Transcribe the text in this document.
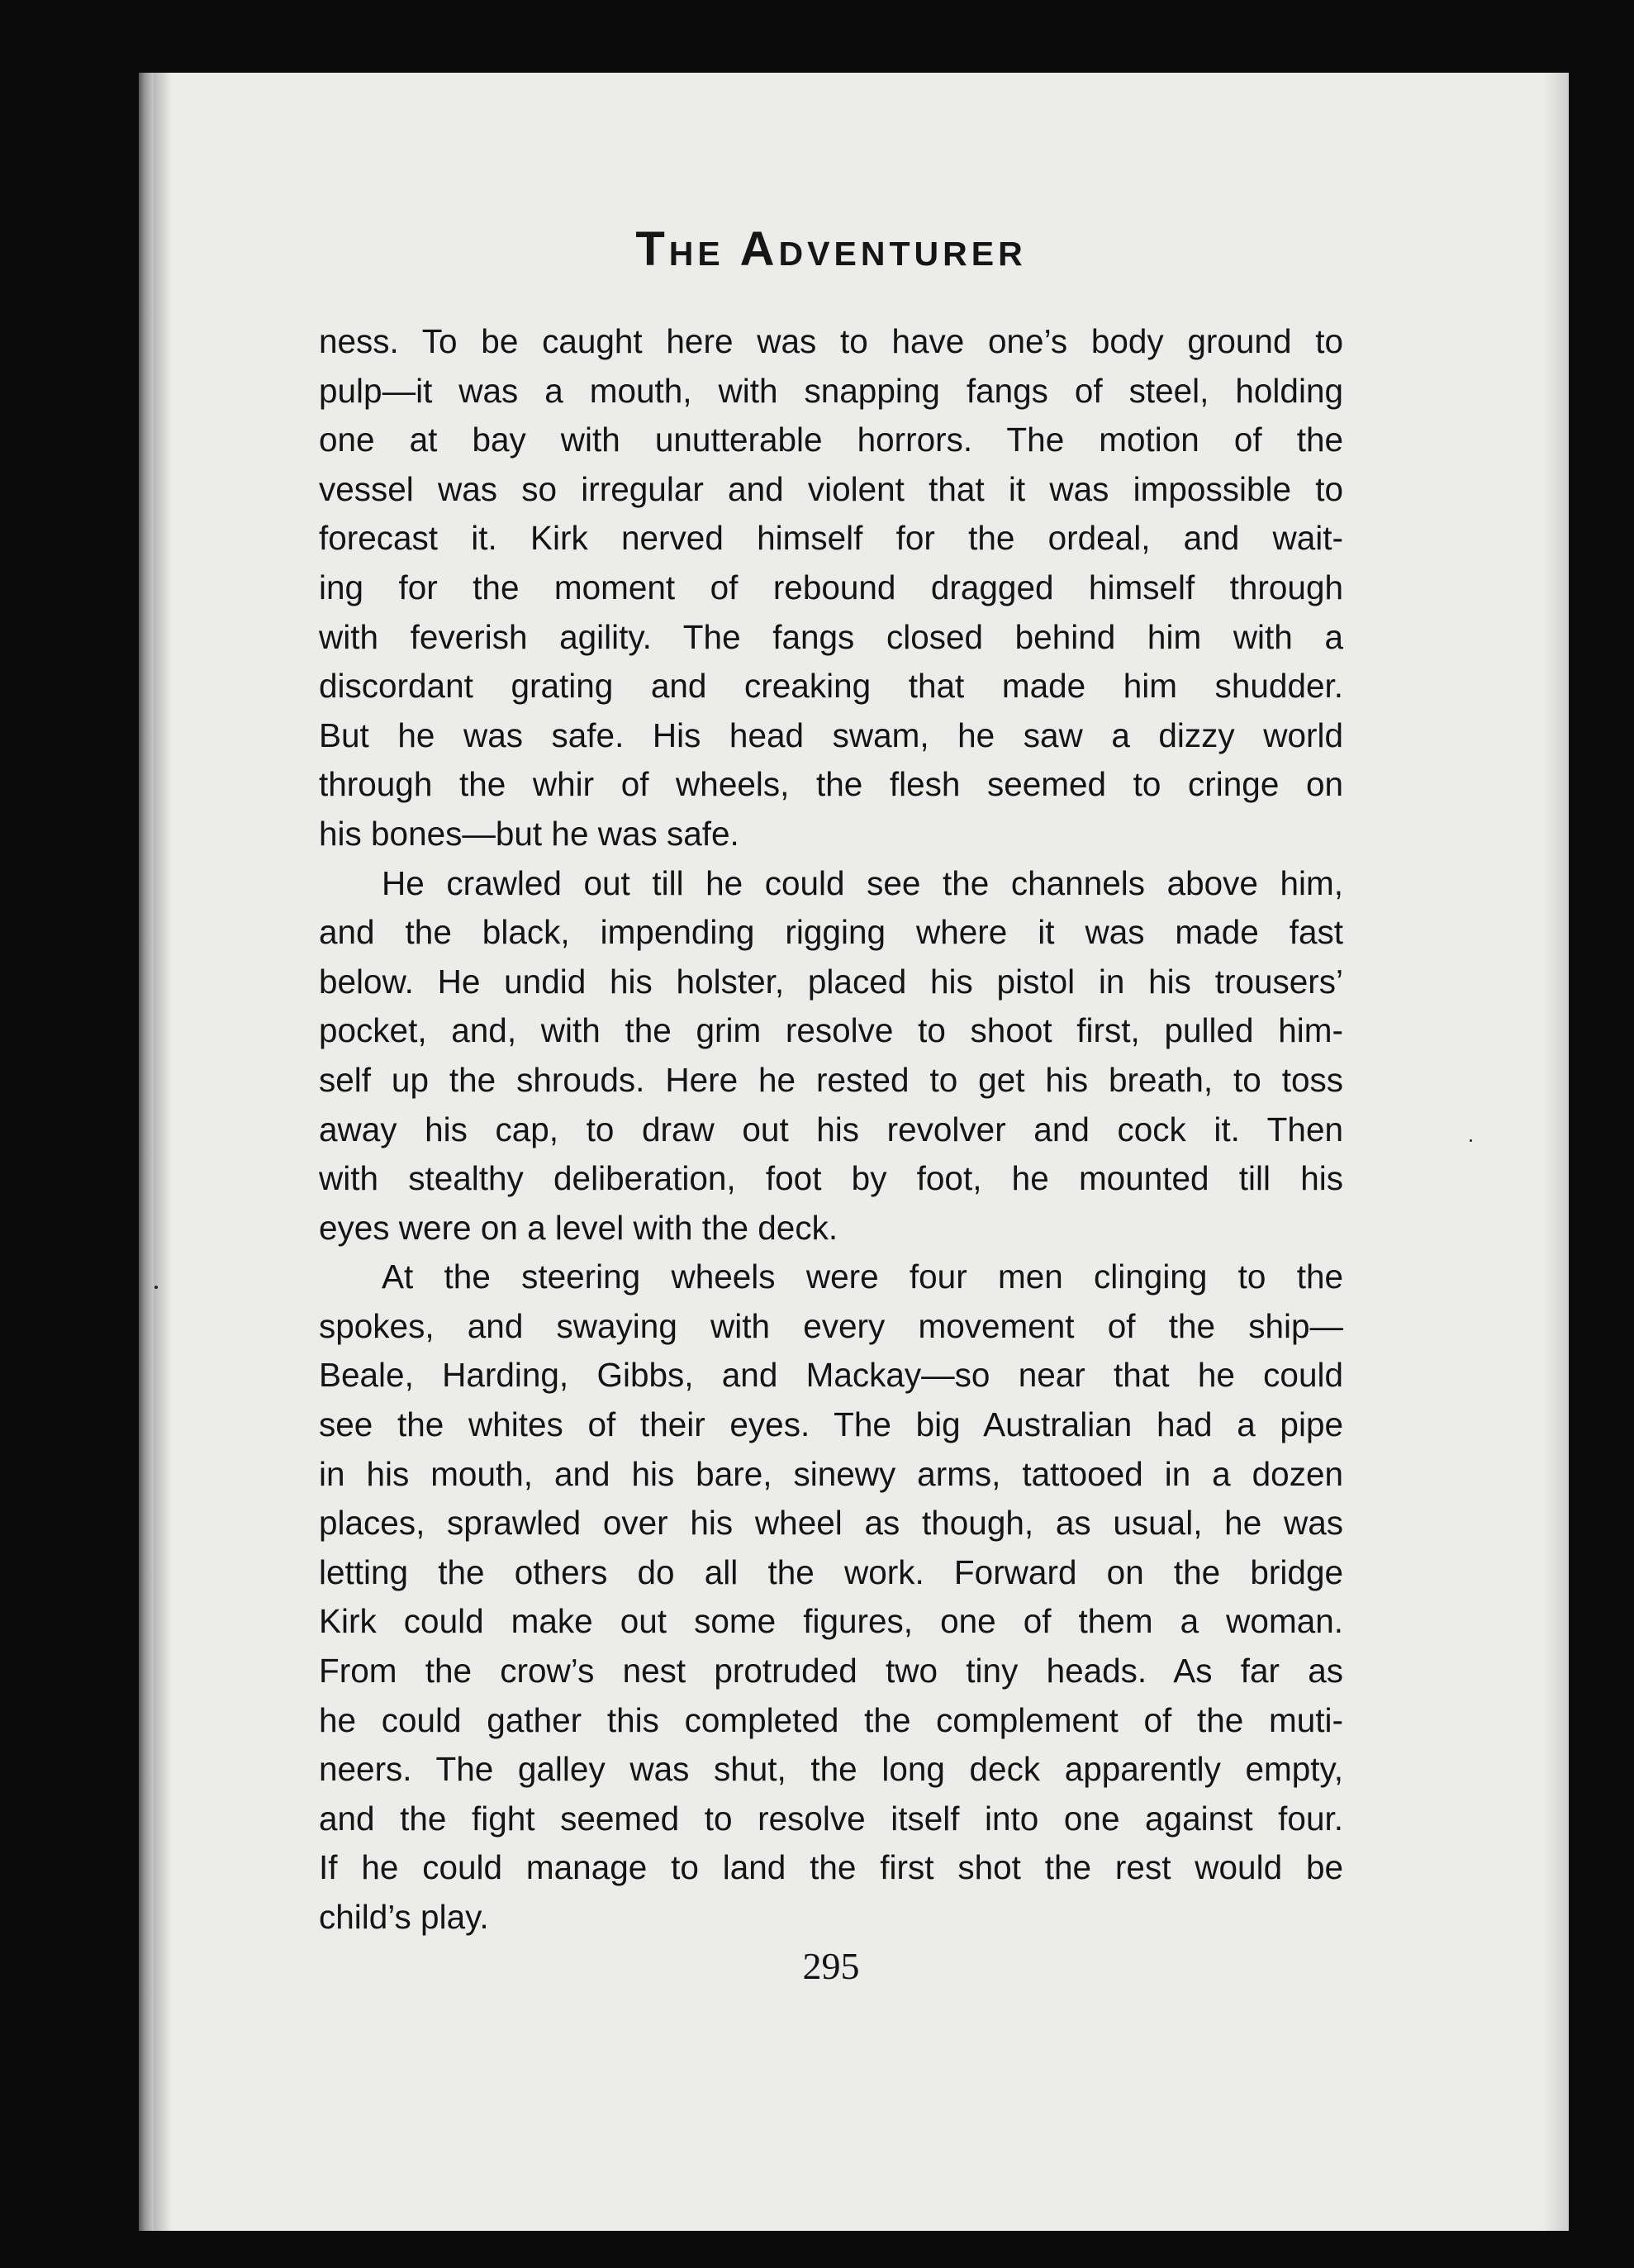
The Adventurer
ness. To be caught here was to have one’s body ground to
pulp—it was a mouth, with snapping fangs of steel, holding
one at bay with unutterable horrors. The motion of the
vessel was so irregular and violent that it was impossible to
forecast it. Kirk nerved himself for the ordeal, and wait-
ing for the moment of rebound dragged himself through
with feverish agility. The fangs closed behind him with a
discordant grating and creaking that made him shudder.
But he was safe. His head swam, he saw a dizzy world
through the whir of wheels, the flesh seemed to cringe on
his bones—but he was safe.
He crawled out till he could see the channels above him,
and the black, impending rigging where it was made fast
below. He undid his holster, placed his pistol in his trousers’
pocket, and, with the grim resolve to shoot first, pulled him-
self up the shrouds. Here he rested to get his breath, to toss
away his cap, to draw out his revolver and cock it. Then
with stealthy deliberation, foot by foot, he mounted till his
eyes were on a level with the deck.
At the steering wheels were four men clinging to the
spokes, and swaying with every movement of the ship—
Beale, Harding, Gibbs, and Mackay—so near that he could
see the whites of their eyes. The big Australian had a pipe
in his mouth, and his bare, sinewy arms, tattooed in a dozen
places, sprawled over his wheel as though, as usual, he was
letting the others do all the work. Forward on the bridge
Kirk could make out some figures, one of them a woman.
From the crow’s nest protruded two tiny heads. As far as
he could gather this completed the complement of the muti-
neers. The galley was shut, the long deck apparently empty,
and the fight seemed to resolve itself into one against four.
If he could manage to land the first shot the rest would be
child’s play.
295
